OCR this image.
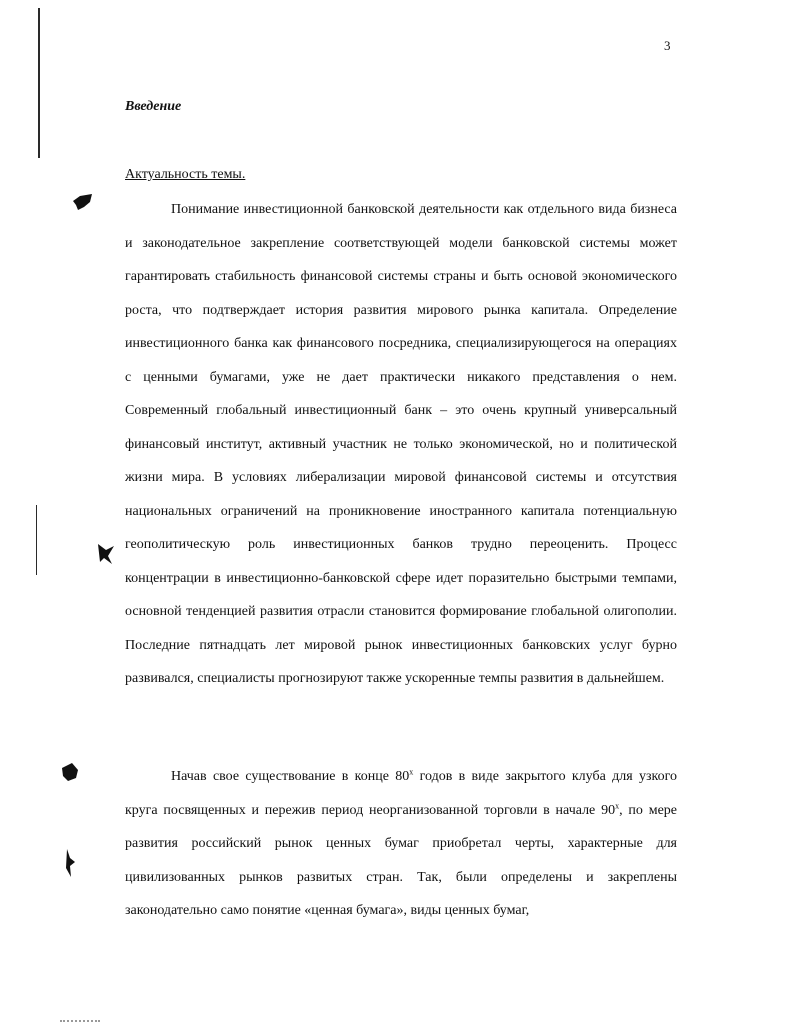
3
Введение
Актуальность темы.

Понимание инвестиционной банковской деятельности как отдельного вида бизнеса и законодательное закрепление соответствующей модели банковской системы может гарантировать стабильность финансовой системы страны и быть основой экономического роста, что подтверждает история развития мирового рынка капитала. Определение инвестиционного банка как финансового посредника, специализирующегося на операциях с ценными бумагами, уже не дает практически никакого представления о нем. Современный глобальный инвестиционный банк – это очень крупный универсальный финансовый институт, активный участник не только экономической, но и политической жизни мира. В условиях либерализации мировой финансовой системы и отсутствия национальных ограничений на проникновение иностранного капитала потенциальную геополитическую роль инвестиционных банков трудно переоценить. Процесс концентрации в инвестиционно-банковской сфере идет поразительно быстрыми темпами, основной тенденцией развития отрасли становится формирование глобальной олигополии. Последние пятнадцать лет мировой рынок инвестиционных банковских услуг бурно развивался, специалисты прогнозируют также ускоренные темпы развития в дальнейшем.

Начав свое существование в конце $80^х$ годов в виде закрытого клуба для узкого круга посвященных и пережив период неорганизованной торговли в начале $90^х$, по мере развития российский рынок ценных бумаг приобретал черты, характерные для цивилизованных рынков развитых стран. Так, были определены и закреплены законодательно само понятие «ценная бумага», виды ценных бумаг,
